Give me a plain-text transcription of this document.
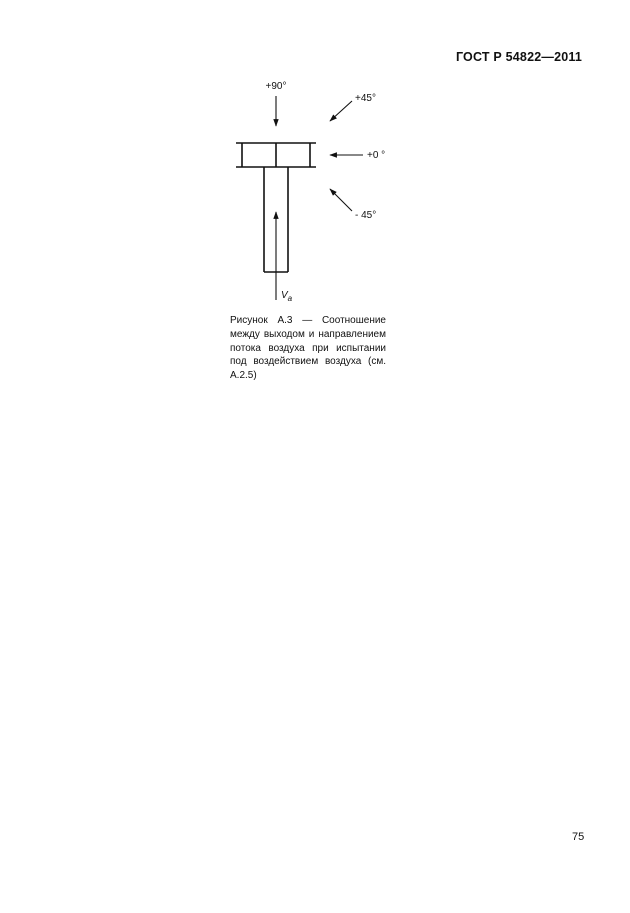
ГОСТ Р 54822—2011
+90°
+45°
+0 °
- 45°
$V_a$
Рисунок А.3 — Соотношение между выходом и направлением потока воздуха при испытании под воздействием воздуха (см. А.2.5)
75
